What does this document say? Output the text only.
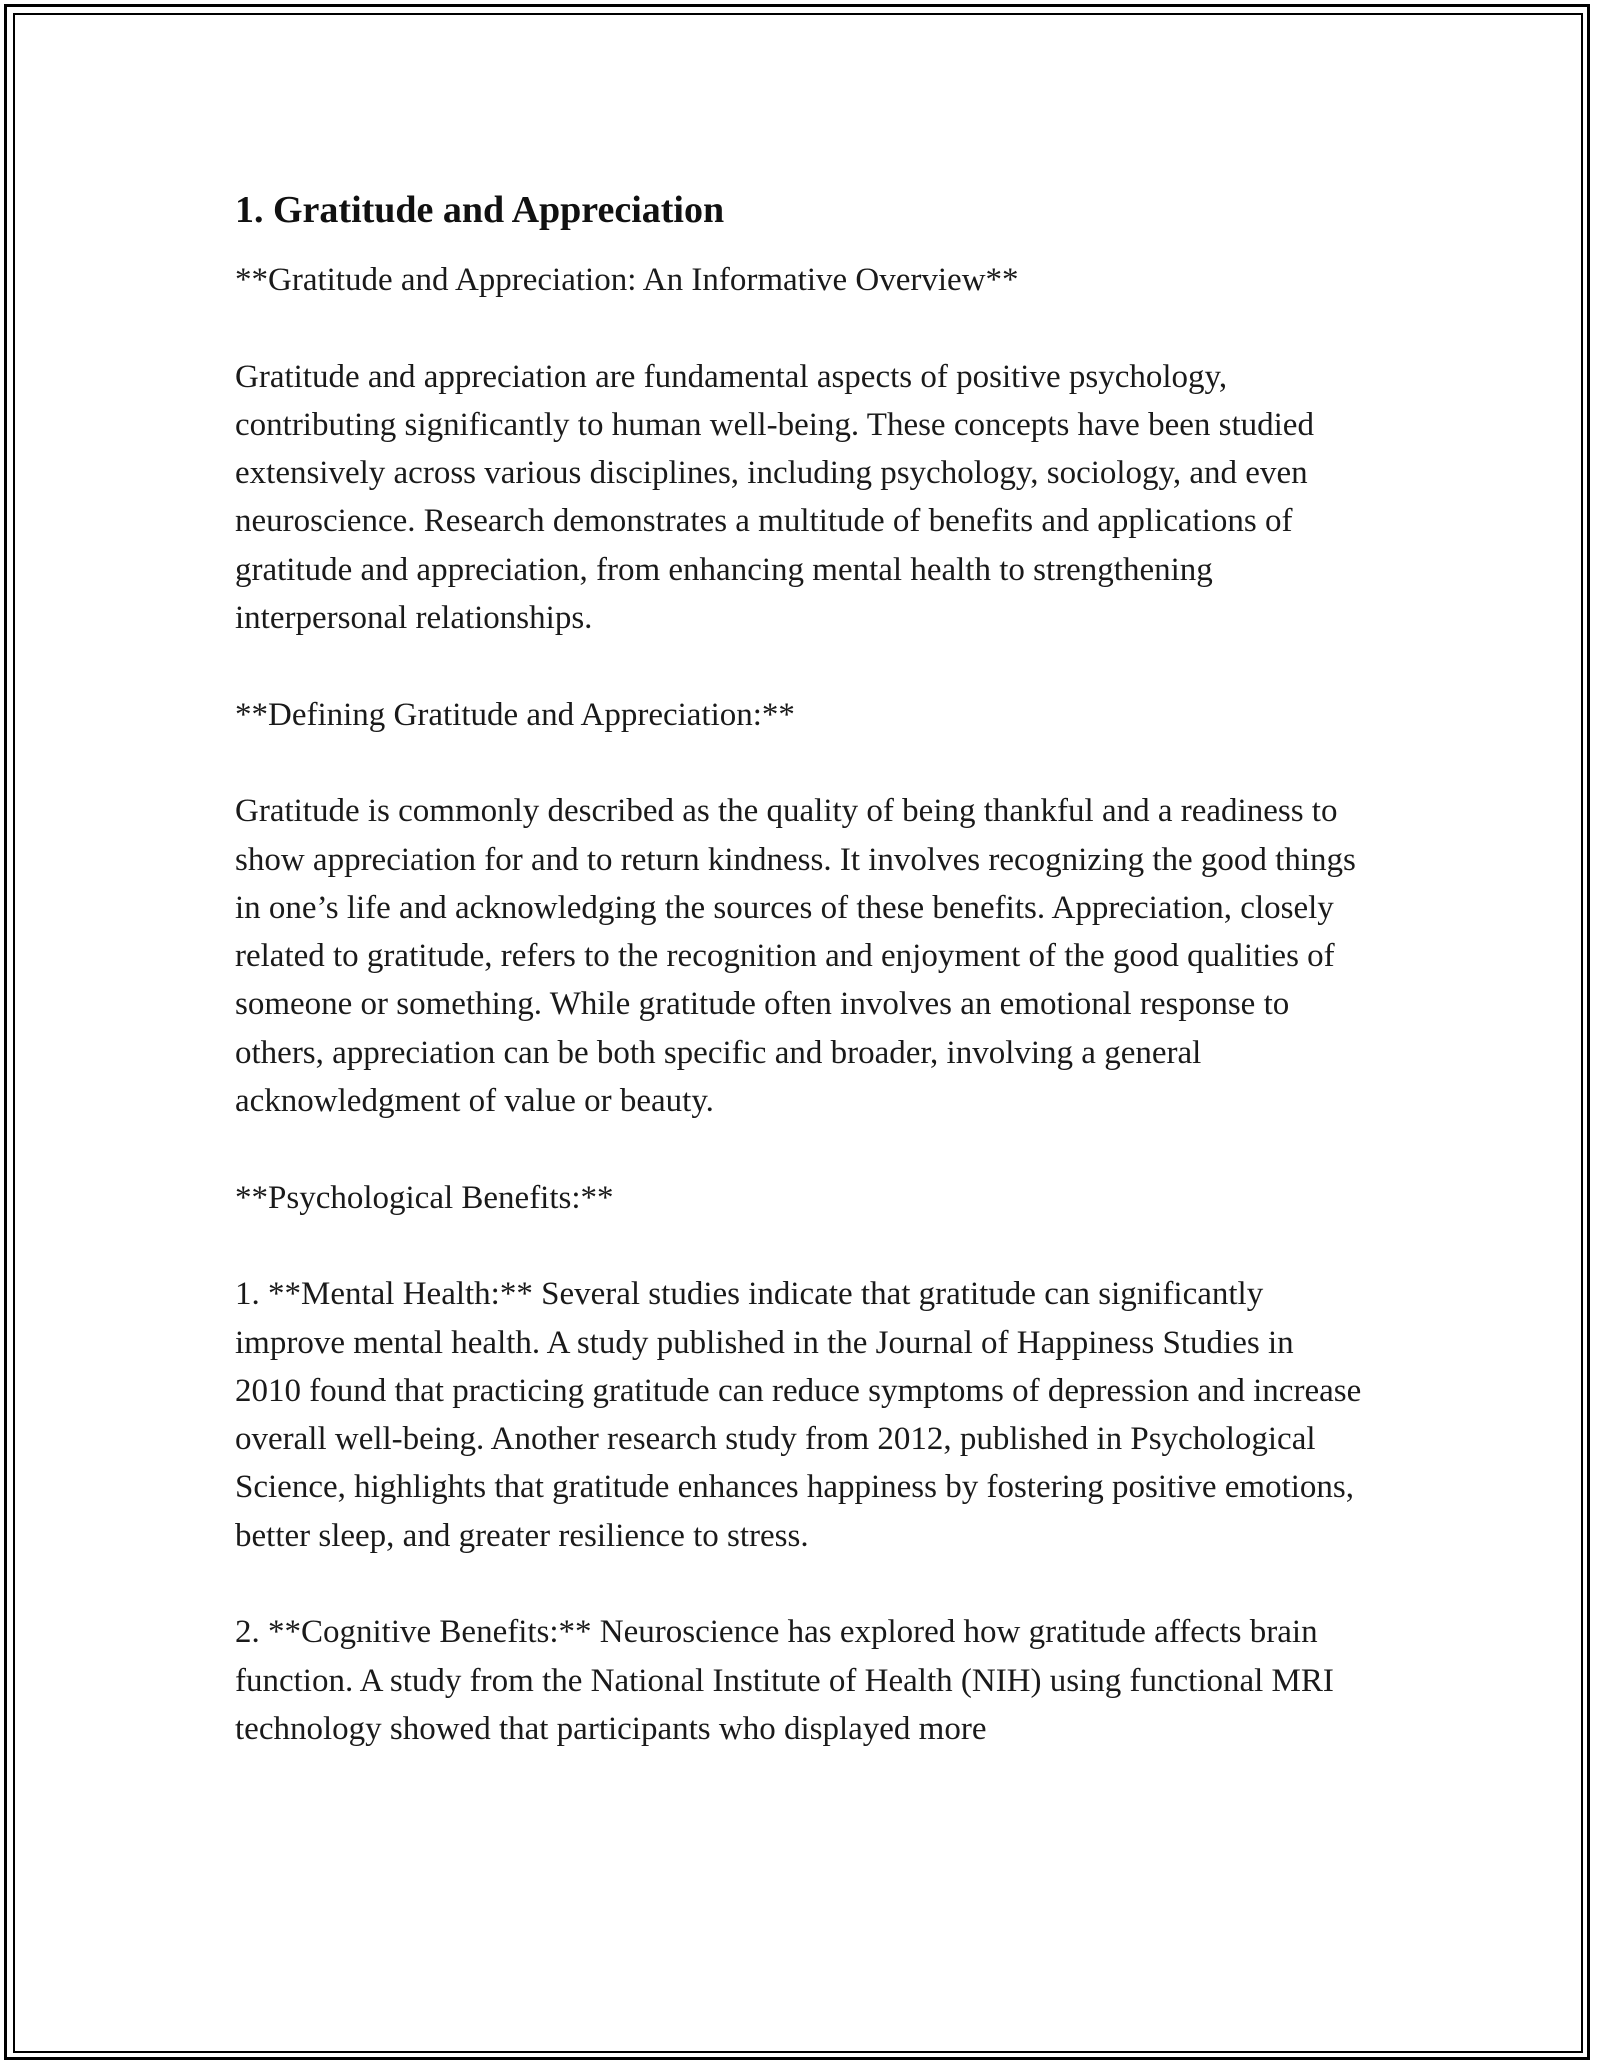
1. Gratitude and Appreciation

**Gratitude and Appreciation: An Informative Overview**

Gratitude and appreciation are fundamental aspects of positive psychology, contributing significantly to human well-being. These concepts have been studied extensively across various disciplines, including psychology, sociology, and even neuroscience. Research demonstrates a multitude of benefits and applications of gratitude and appreciation, from enhancing mental health to strengthening interpersonal relationships.

**Defining Gratitude and Appreciation:**

Gratitude is commonly described as the quality of being thankful and a readiness to show appreciation for and to return kindness. It involves recognizing the good things in one’s life and acknowledging the sources of these benefits. Appreciation, closely related to gratitude, refers to the recognition and enjoyment of the good qualities of someone or something. While gratitude often involves an emotional response to others, appreciation can be both specific and broader, involving a general acknowledgment of value or beauty.

**Psychological Benefits:**

1. **Mental Health:** Several studies indicate that gratitude can significantly improve mental health. A study published in the Journal of Happiness Studies in 2010 found that practicing gratitude can reduce symptoms of depression and increase overall well-being. Another research study from 2012, published in Psychological Science, highlights that gratitude enhances happiness by fostering positive emotions, better sleep, and greater resilience to stress.

2. **Cognitive Benefits:** Neuroscience has explored how gratitude affects brain function. A study from the National Institute of Health (NIH) using functional MRI technology showed that participants who displayed more
